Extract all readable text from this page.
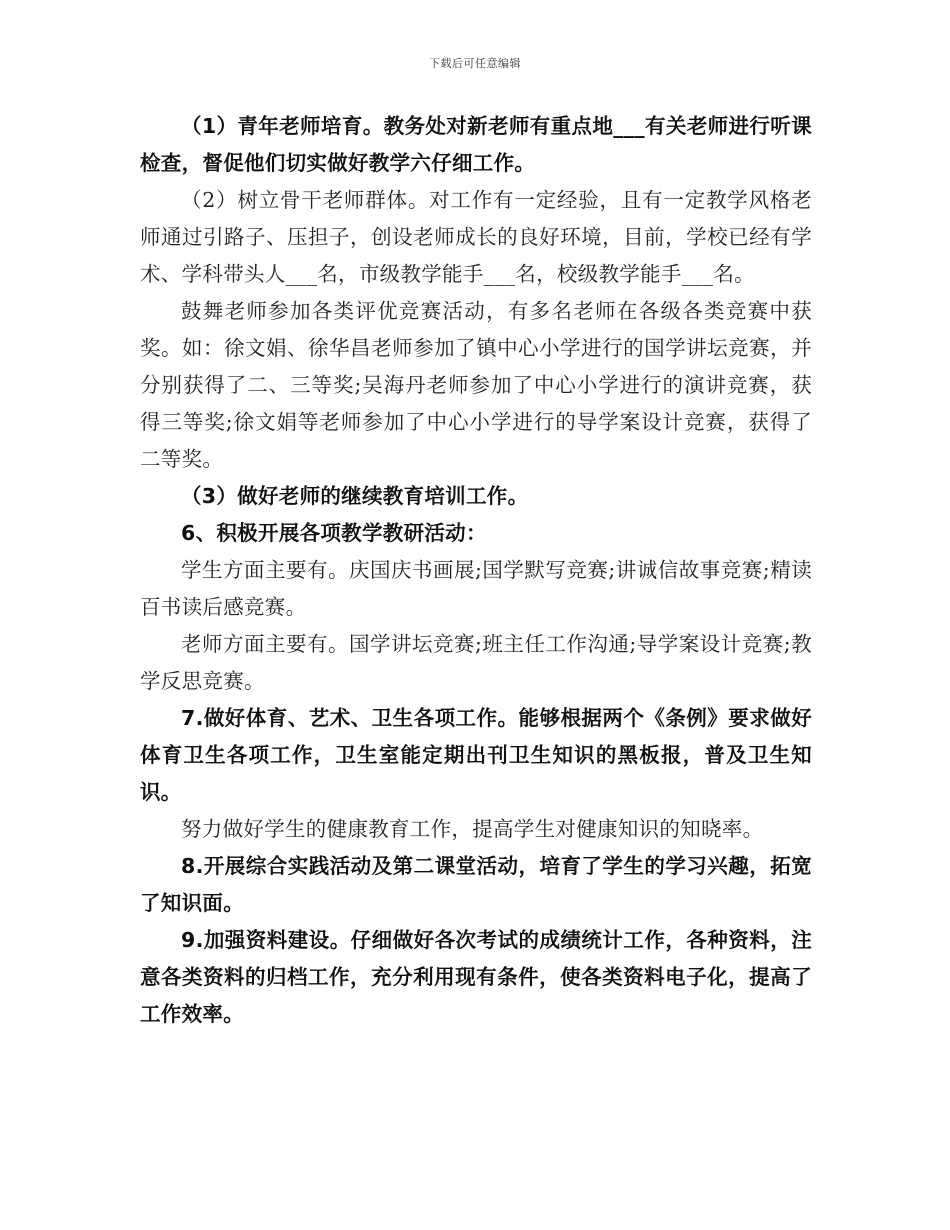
下载后可任意编辑

（1）青年老师培育。教务处对新老师有重点地___有关老师进行听课检查，督促他们切实做好教学六仔细工作。

（2）树立骨干老师群体。对工作有一定经验，且有一定教学风格老师通过引路子、压担子，创设老师成长的良好环境，目前，学校已经有学术、学科带头人___名，市级教学能手___名，校级教学能手___名。

鼓舞老师参加各类评优竞赛活动，有多名老师在各级各类竞赛中获奖。如：徐文娟、徐华昌老师参加了镇中心小学进行的国学讲坛竞赛，并分别获得了二、三等奖;吴海丹老师参加了中心小学进行的演讲竞赛，获得三等奖;徐文娟等老师参加了中心小学进行的导学案设计竞赛，获得了二等奖。

（3）做好老师的继续教育培训工作。

6、积极开展各项教学教研活动：

学生方面主要有。庆国庆书画展;国学默写竞赛;讲诚信故事竞赛;精读百书读后感竞赛。

老师方面主要有。国学讲坛竞赛;班主任工作沟通;导学案设计竞赛;教学反思竞赛。

7.做好体育、艺术、卫生各项工作。能够根据两个《条例》要求做好体育卫生各项工作，卫生室能定期出刊卫生知识的黑板报，普及卫生知识。

努力做好学生的健康教育工作，提高学生对健康知识的知晓率。

8.开展综合实践活动及第二课堂活动，培育了学生的学习兴趣，拓宽了知识面。

9.加强资料建设。仔细做好各次考试的成绩统计工作，各种资料，注意各类资料的归档工作，充分利用现有条件，使各类资料电子化，提高了工作效率。
